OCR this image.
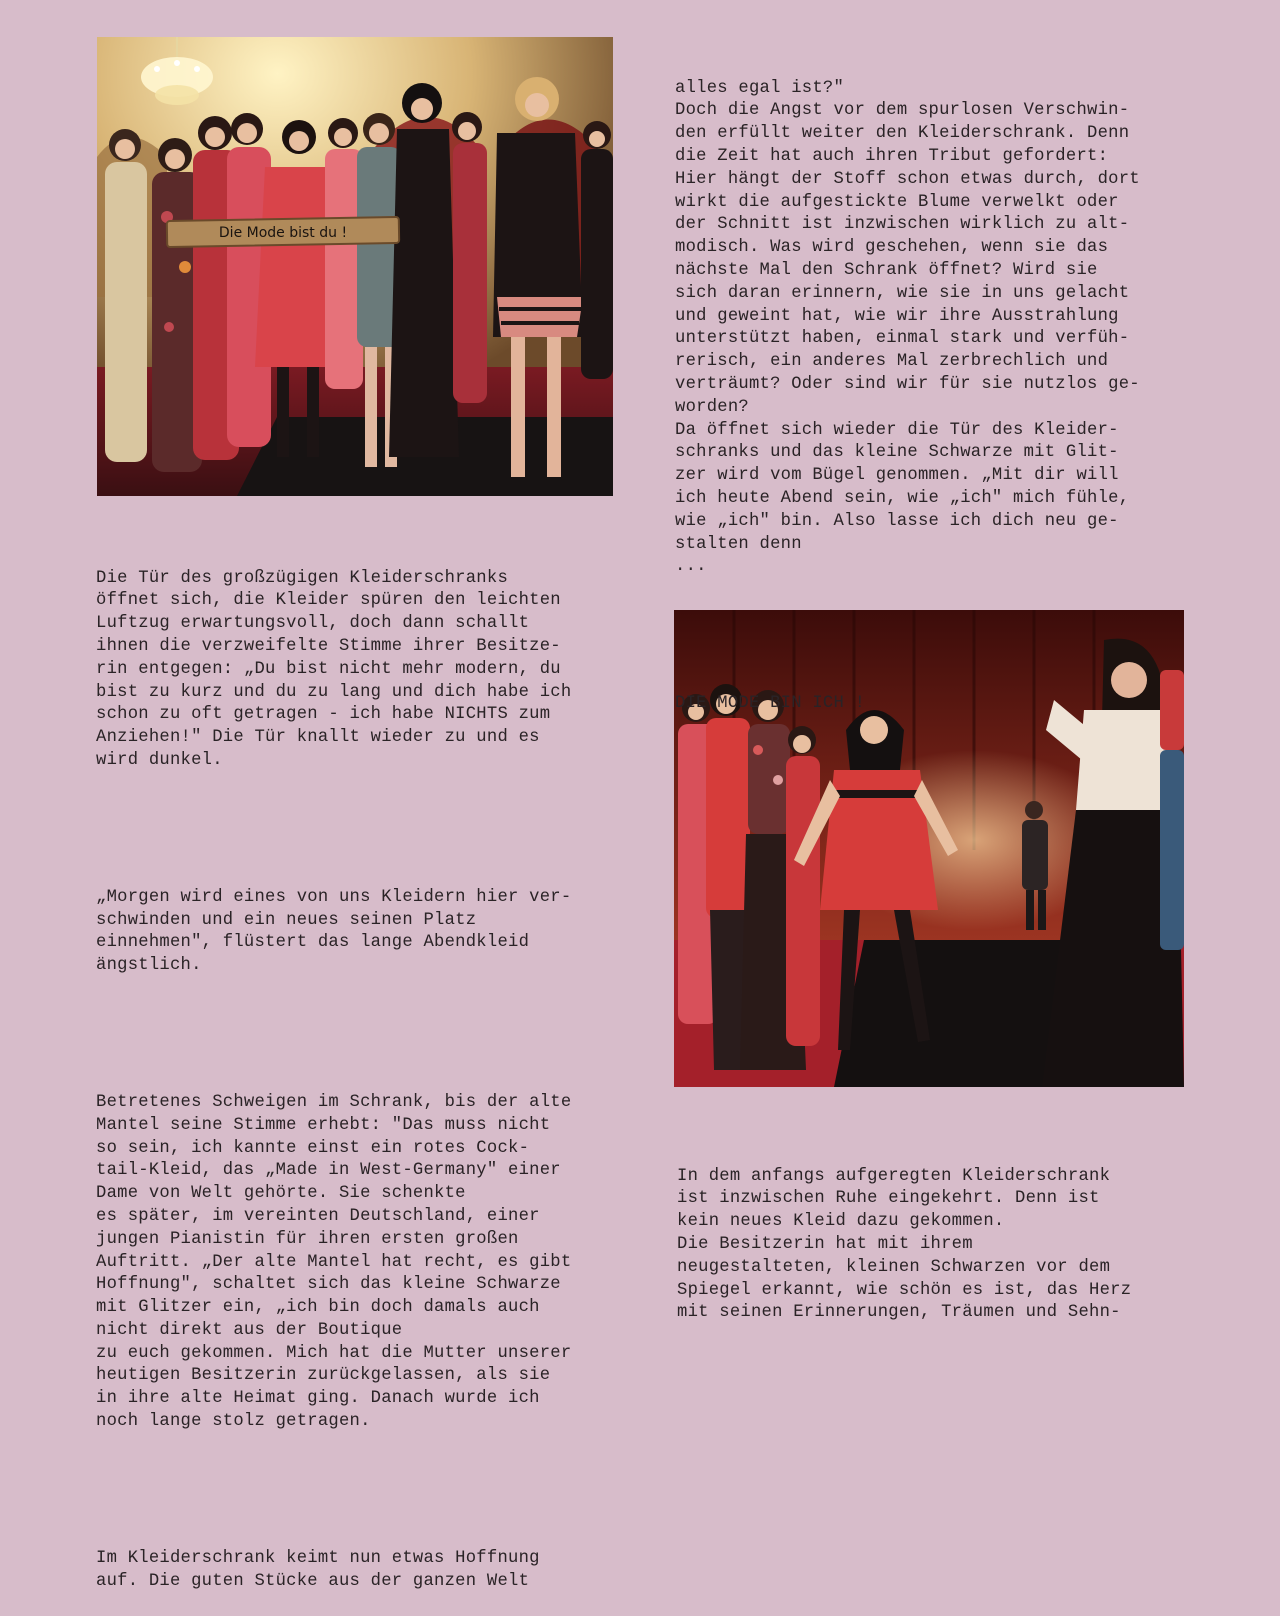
Die Mode bist du !

Die Tür des großzügigen Kleiderschranks
öffnet sich, die Kleider spüren den leichten
Luftzug erwartungsvoll, doch dann schallt
ihnen die verzweifelte Stimme ihrer Besitze-
rin entgegen: „Du bist nicht mehr modern, du
bist zu kurz und du zu lang und dich habe ich
schon zu oft getragen - ich habe NICHTS zum
Anziehen!" Die Tür knallt wieder zu und es
wird dunkel.

„Morgen wird eines von uns Kleidern hier ver-
schwinden und ein neues seinen Platz
einnehmen", flüstert das lange Abendkleid
ängstlich.

Betretenes Schweigen im Schrank, bis der alte
Mantel seine Stimme erhebt: "Das muss nicht
so sein, ich kannte einst ein rotes Cock-
tail-Kleid, das „Made in West-Germany" einer
Dame von Welt gehörte. Sie schenkte
es später, im vereinten Deutschland, einer
jungen Pianistin für ihren ersten großen
Auftritt. „Der alte Mantel hat recht, es gibt
Hoffnung", schaltet sich das kleine Schwarze
mit Glitzer ein, „ich bin doch damals auch
nicht direkt aus der Boutique
zu euch gekommen. Mich hat die Mutter unserer
heutigen Besitzerin zurückgelassen, als sie
in ihre alte Heimat ging. Danach wurde ich
noch lange stolz getragen.

Im Kleiderschrank keimt nun etwas Hoffnung
auf. Die guten Stücke aus der ganzen Welt

alles egal ist?"
Doch die Angst vor dem spurlosen Verschwin-
den erfüllt weiter den Kleiderschrank. Denn
die Zeit hat auch ihren Tribut gefordert:
Hier hängt der Stoff schon etwas durch, dort
wirkt die aufgestickte Blume verwelkt oder
der Schnitt ist inzwischen wirklich zu alt-
modisch. Was wird geschehen, wenn sie das
nächste Mal den Schrank öffnet? Wird sie
sich daran erinnern, wie sie in uns gelacht
und geweint hat, wie wir ihre Ausstrahlung
unterstützt haben, einmal stark und verfüh-
rerisch, ein anderes Mal zerbrechlich und
verträumt? Oder sind wir für sie nutzlos ge-
worden?
Da öffnet sich wieder die Tür des Kleider-
schranks und das kleine Schwarze mit Glit-
zer wird vom Bügel genommen. „Mit dir will
ich heute Abend sein, wie „ich" mich fühle,
wie „ich" bin. Also lasse ich dich neu ge-
stalten denn
...

DIE MODE BIN ICH !

In dem anfangs aufgeregten Kleiderschrank
ist inzwischen Ruhe eingekehrt. Denn ist
kein neues Kleid dazu gekommen.
Die Besitzerin hat mit ihrem
neugestalteten, kleinen Schwarzen vor dem
Spiegel erkannt, wie schön es ist, das Herz
mit seinen Erinnerungen, Träumen und Sehn-
